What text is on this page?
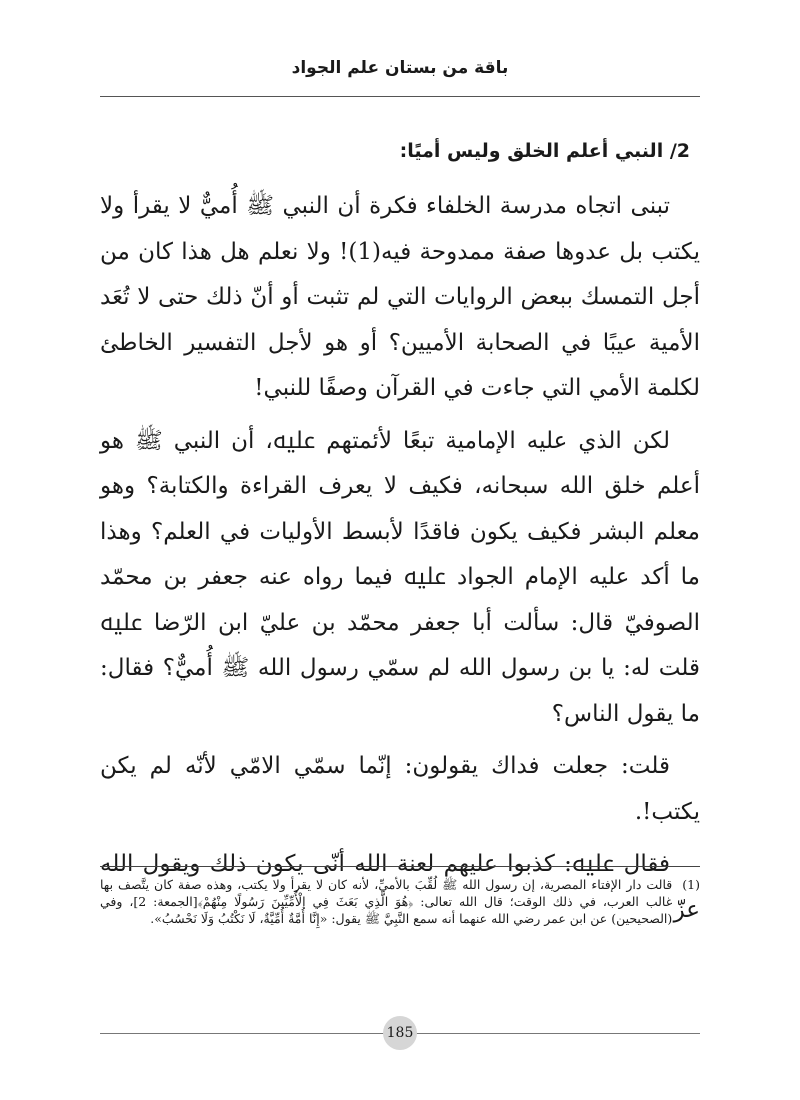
باقة من بستان علم الجواد
2/ النبي أعلم الخلق وليس أميًا:

تبنى اتجاه مدرسة الخلفاء فكرة أن النبي ﷺ أُميٌّ لا يقرأ ولا يكتب بل عدوها صفة ممدوحة فيه(1)! ولا نعلم هل هذا كان من أجل التمسك ببعض الروايات التي لم تثبت أو أنّ ذلك حتى لا تُعَد الأمية عيبًا في الصحابة الأميين؟ أو هو لأجل التفسير الخاطئ لكلمة الأمي التي جاءت في القرآن وصفًا للنبي!

لكن الذي عليه الإمامية تبعًا لأئمتهم ﷷ، أن النبي ﷺ هو أعلم خلق الله سبحانه، فكيف لا يعرف القراءة والكتابة؟ وهو معلم البشر فكيف يكون فاقدًا لأبسط الأوليات في العلم؟ وهذا ما أكد عليه الإمام الجواد ﷷ فيما رواه عنه جعفر بن محمّد الصوفيّ قال: سألت أبا جعفر محمّد بن عليّ ابن الرّضا ﷷ قلت له: يا بن رسول الله لم سمّي رسول الله ﷺ أُميٌّ؟ فقال: ما يقول الناس؟

قلت: جعلت فداك يقولون: إنّما سمّي الامّي لأنّه لم يكن يكتب!.

فقال ﷷ: كذبوا عليهم لعنة الله أنّى يكون ذلك ويقول الله عزّ

(1)
قالت دار الإفتاء المصرية، إن رسول الله ﷺ لُقِّبَ بالأميِّ، لأنه كان لا يقرأ ولا يكتب، وهذه صفة كان يتَّصف بها غالب العرب، في ذلك الوقت؛ قال الله تعالى: ﴿هُوَ الَّذِي بَعَثَ فِي الْأُمِّيِّينَ رَسُولًا مِنْهُمْ﴾[الجمعة: 2]، وفي (الصحيحين) عن ابن عمر رضي الله عنهما أنه سمع النَّبِيَّ ﷺ يقول: «إِنَّا أُمَّةٌ أُمِّيَّةٌ، لَا نَكْتُبُ وَلَا نَحْسُبُ».
185
